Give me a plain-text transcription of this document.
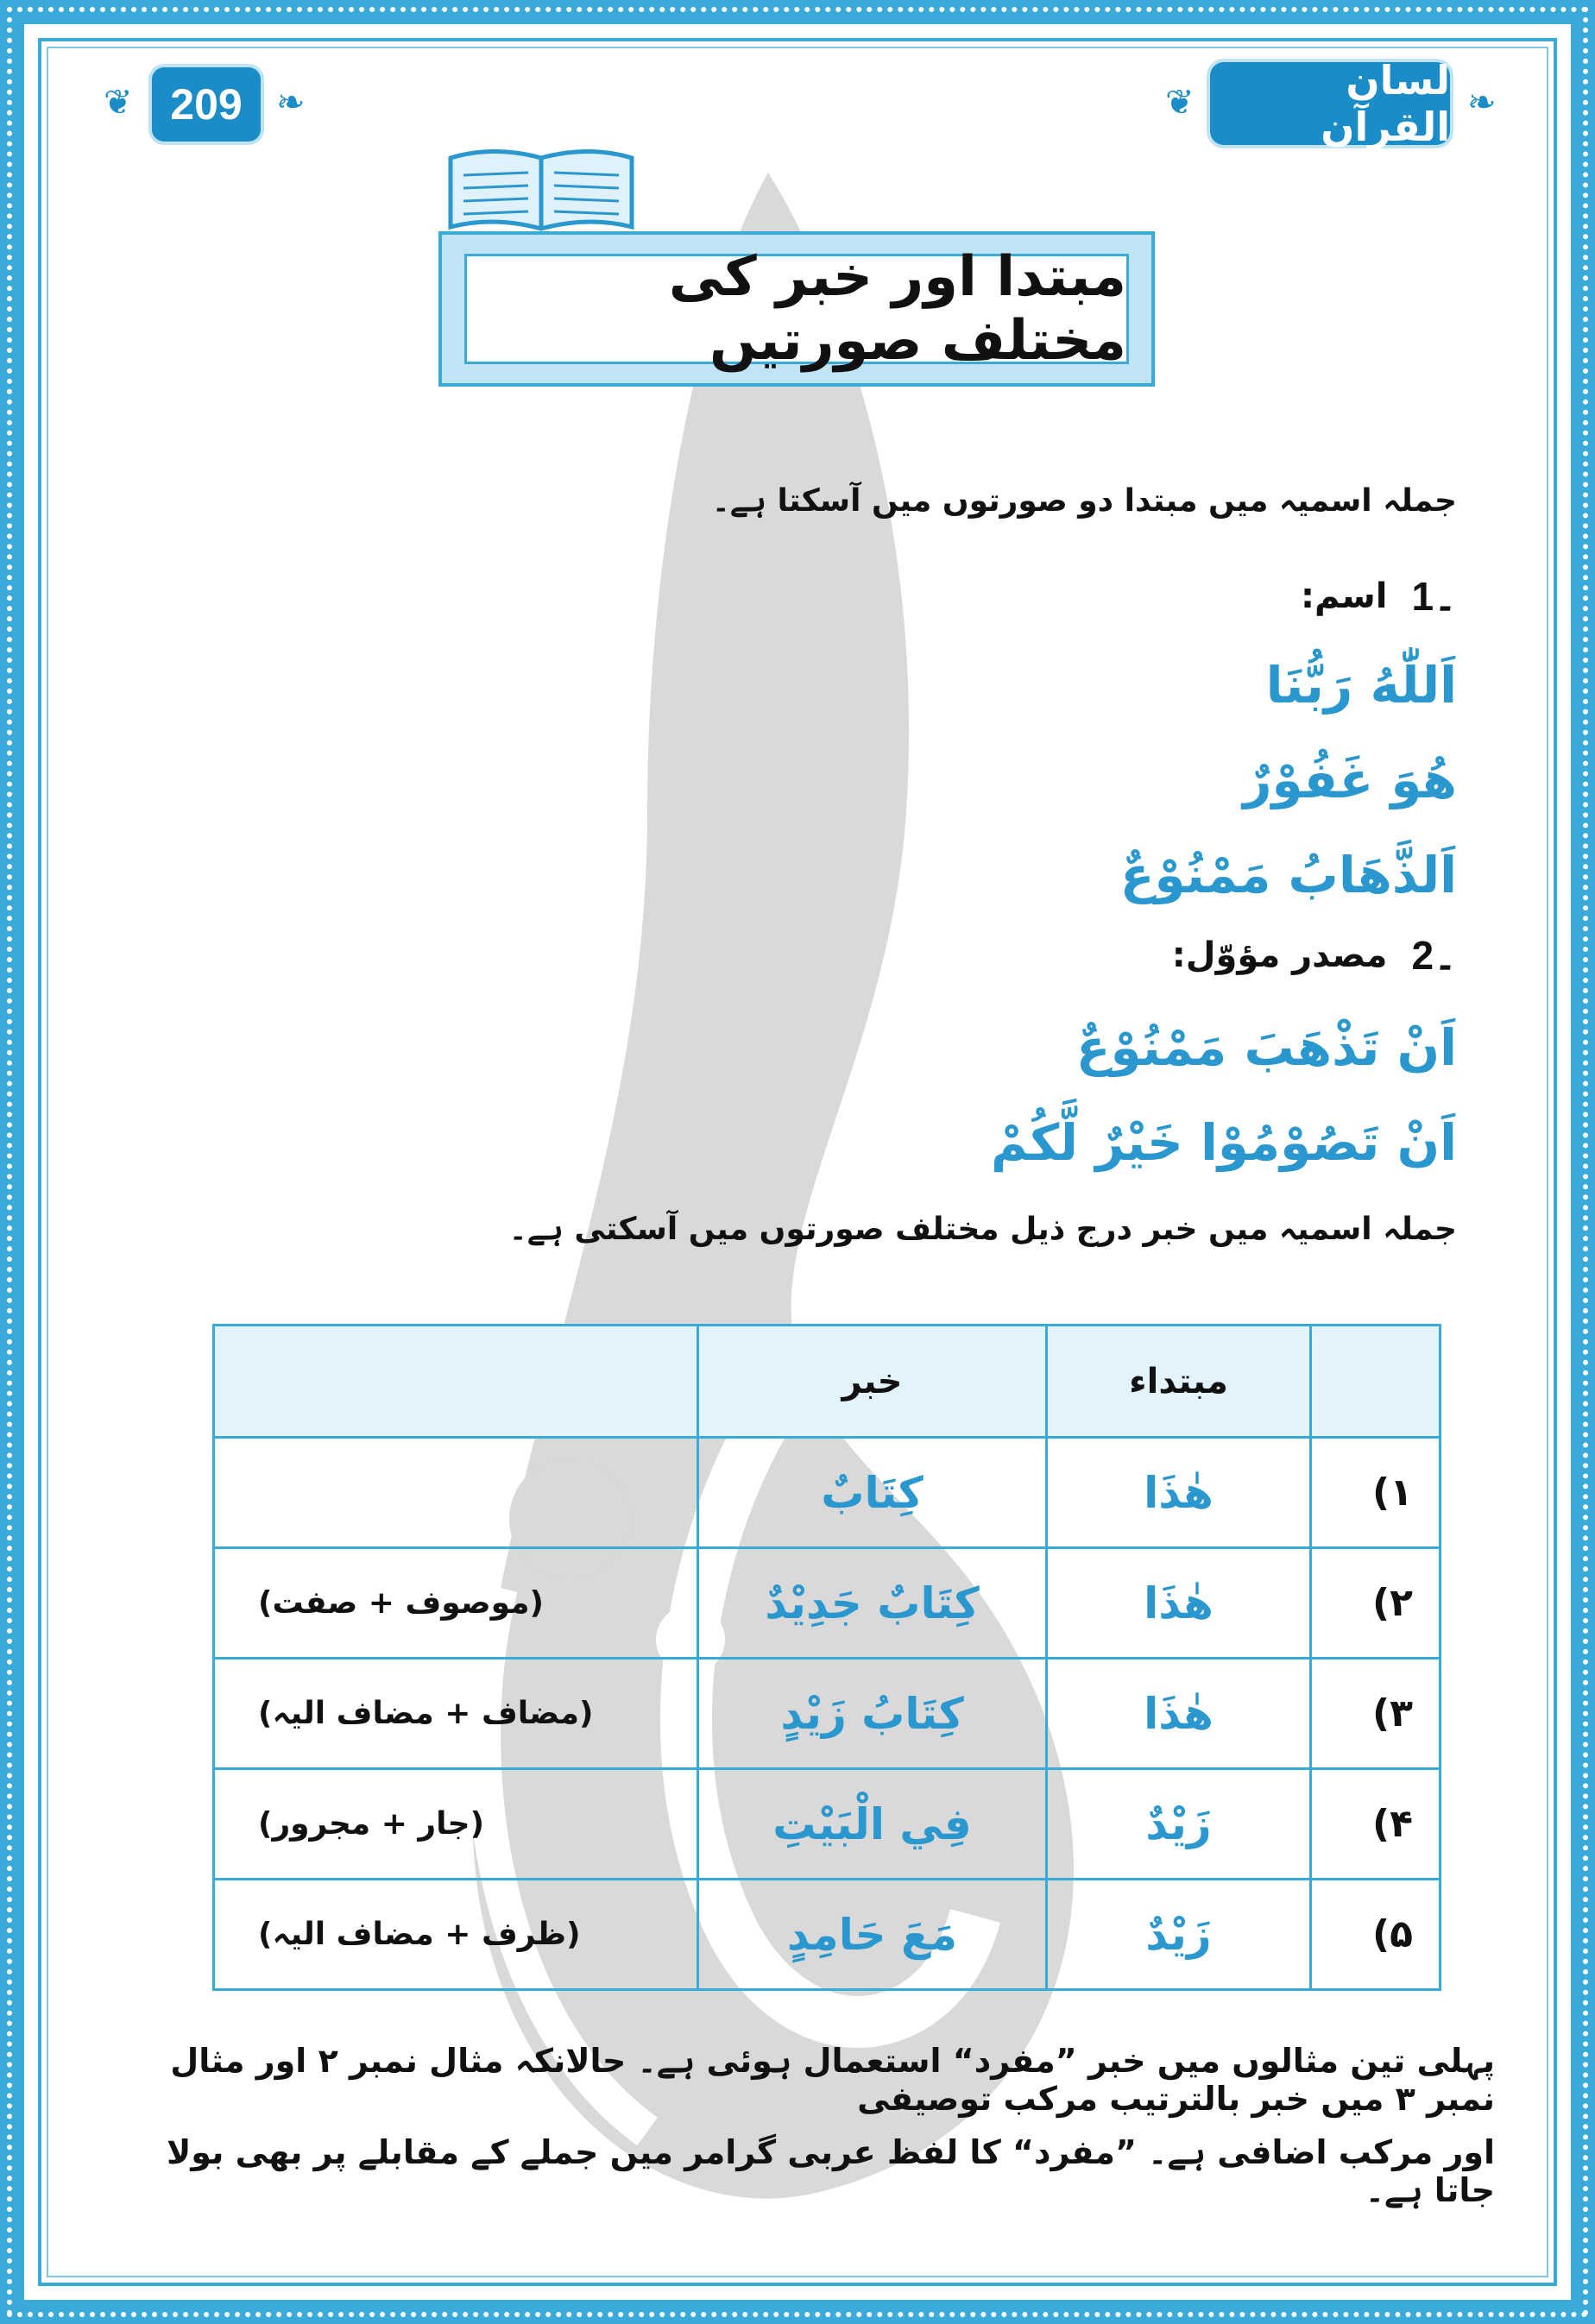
❦	❧
209	❦	❧
لسان القرآن
مبتدا اور خبر کی مختلف صورتیں
جملہ اسمیہ میں مبتدا دو صورتوں میں آسکتا ہے۔
1۔
اسم:
اَللّٰهُ رَبُّنَا
هُوَ غَفُوْرٌ
اَلذَّهَابُ مَمْنُوْعٌ
2۔
مصدر مؤوّل:
اَنْ تَذْهَبَ مَمْنُوْعٌ
اَنْ تَصُوْمُوْا خَيْرٌ لَّكُمْ
جملہ اسمیہ میں خبر درج ذیل مختلف صورتوں میں آسکتی ہے۔
	مبتداء	خبر	
۱)	هٰذَا	كِتَابٌ	
۲)	هٰذَا	كِتَابٌ جَدِيْدٌ	(موصوف + صفت)
۳)	هٰذَا	كِتَابُ زَيْدٍ	(مضاف + مضاف الیہ)
۴)	زَيْدٌ	فِي الْبَيْتِ	(جار + مجرور)
۵)	زَيْدٌ	مَعَ حَامِدٍ	(ظرف + مضاف الیہ)
پہلی تین مثالوں میں خبر ”مفرد“ استعمال ہوئی ہے۔ حالانکہ مثال نمبر ۲ اور مثال نمبر ۳ میں خبر بالترتیب مرکب توصیفی
اور مرکب اضافی ہے۔ ”مفرد“ کا لفظ عربی گرامر میں جملے کے مقابلے پر بھی بولا جاتا ہے۔
